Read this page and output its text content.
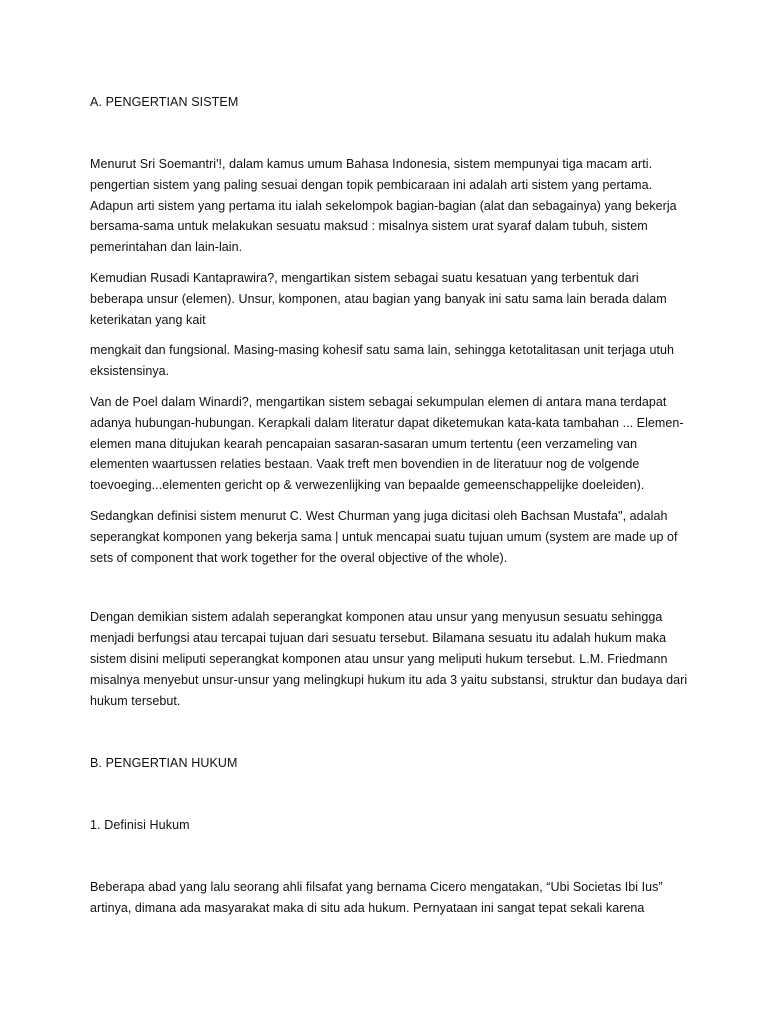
A. PENGERTIAN SISTEM

Menurut Sri Soemantri'!, dalam kamus umum Bahasa Indonesia, sistem mempunyai tiga macam arti. pengertian sistem yang paling sesuai dengan topik pembicaraan ini adalah arti sistem yang pertama. Adapun arti sistem yang pertama itu ialah sekelompok bagian-bagian (alat dan sebagainya) yang bekerja bersama-sama untuk melakukan sesuatu maksud : misalnya sistem urat syaraf dalam tubuh, sistem pemerintahan dan lain-lain.

Kemudian Rusadi Kantaprawira?, mengartikan sistem sebagai suatu kesatuan yang terbentuk dari beberapa unsur (elemen). Unsur, komponen, atau bagian yang banyak ini satu sama lain berada dalam keterikatan yang kait

mengkait dan fungsional. Masing-masing kohesif satu sama lain, sehingga ketotalitasan unit terjaga utuh eksistensinya.

Van de Poel dalam Winardi?, mengartikan sistem sebagai sekumpulan elemen di antara mana terdapat adanya hubungan-hubungan. Kerapkali dalam literatur dapat diketemukan kata-kata tambahan ... Elemen-elemen mana ditujukan kearah pencapaian sasaran-sasaran umum tertentu (een verzameling van elementen waartussen relaties bestaan. Vaak treft men bovendien in de literatuur nog de volgende toevoeging...elementen gericht op & verwezenlijking van bepaalde gemeenschappelijke doeleiden).

Sedangkan definisi sistem menurut C. West Churman yang juga dicitasi oleh Bachsan Mustafa", adalah seperangkat komponen yang bekerja sama | untuk mencapai suatu tujuan umum (system are made up of sets of component that work together for the overal objective of the whole).

Dengan demikian sistem adalah seperangkat komponen atau unsur yang menyusun sesuatu sehingga menjadi berfungsi atau tercapai tujuan dari sesuatu tersebut. Bilamana sesuatu itu adalah hukum maka sistem disini meliputi seperangkat komponen atau unsur yang meliputi hukum tersebut. L.M. Friedmann misalnya menyebut unsur-unsur yang melingkupi hukum itu ada 3 yaitu substansi, struktur dan budaya dari hukum tersebut.

B. PENGERTIAN HUKUM

1. Definisi Hukum

Beberapa abad yang lalu seorang ahli filsafat yang bernama Cicero mengatakan, “Ubi Societas Ibi Ius” artinya, dimana ada masyarakat maka di situ ada hukum. Pernyataan ini sangat tepat sekali karena
